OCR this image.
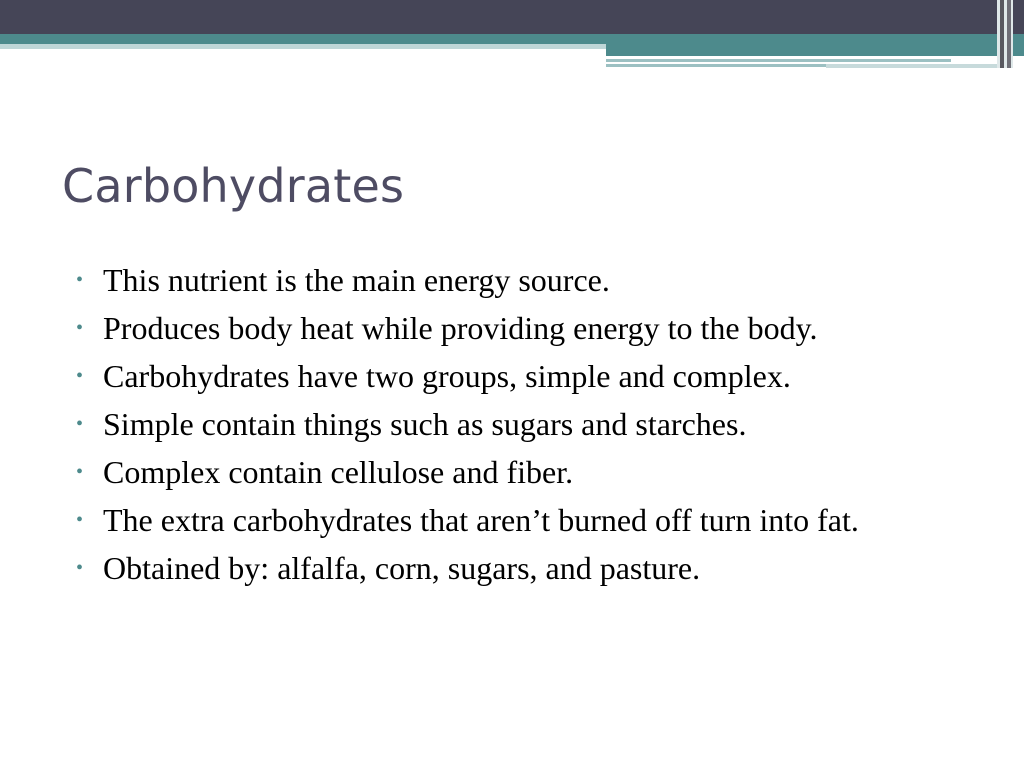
Carbohydrates
• This nutrient is the main energy source.
• Produces body heat while providing energy to the body.
• Carbohydrates have two groups, simple and complex.
• Simple contain things such as sugars and starches.
• Complex contain cellulose and fiber.
• The extra carbohydrates that aren’t burned off turn into fat.
• Obtained by: alfalfa, corn, sugars, and pasture.
